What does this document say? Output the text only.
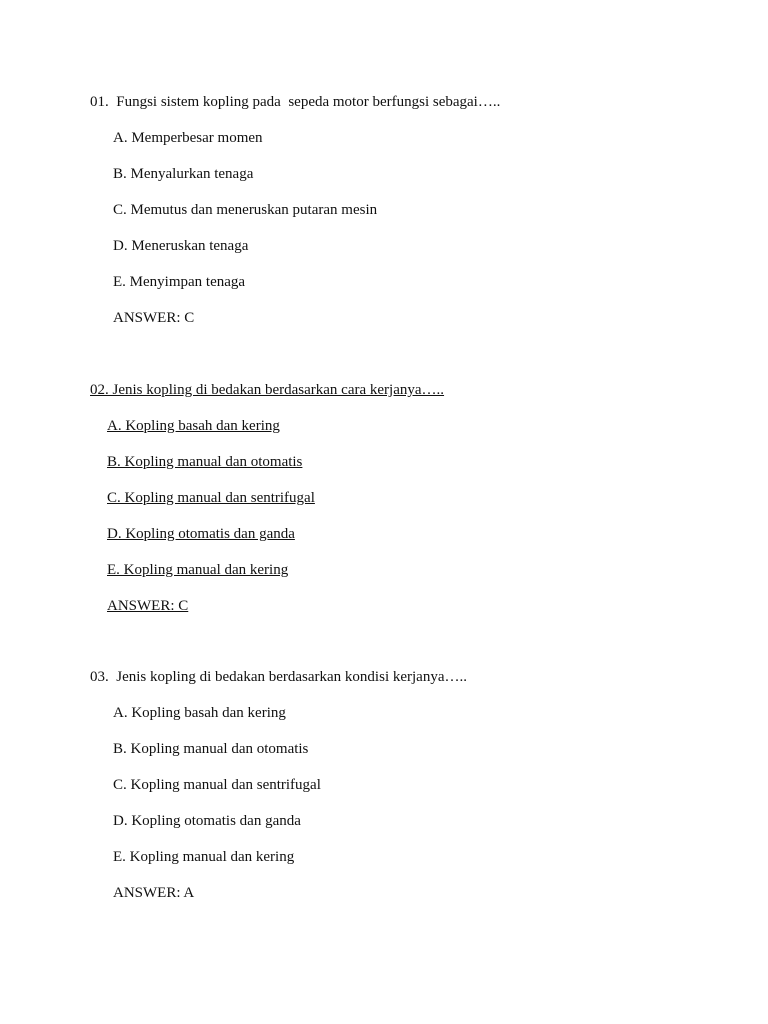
01.  Fungsi sistem kopling pada  sepeda motor berfungsi sebagai…..
A. Memperbesar momen
B. Menyalurkan tenaga
C. Memutus dan meneruskan putaran mesin
D. Meneruskan tenaga
E. Menyimpan tenaga
ANSWER: C
02. Jenis kopling di bedakan berdasarkan cara kerjanya…..
A. Kopling basah dan kering
B. Kopling manual dan otomatis
C. Kopling manual dan sentrifugal
D. Kopling otomatis dan ganda
E. Kopling manual dan kering
ANSWER: C
03.  Jenis kopling di bedakan berdasarkan kondisi kerjanya…..
A. Kopling basah dan kering
B. Kopling manual dan otomatis
C. Kopling manual dan sentrifugal
D. Kopling otomatis dan ganda
E. Kopling manual dan kering
ANSWER: A
